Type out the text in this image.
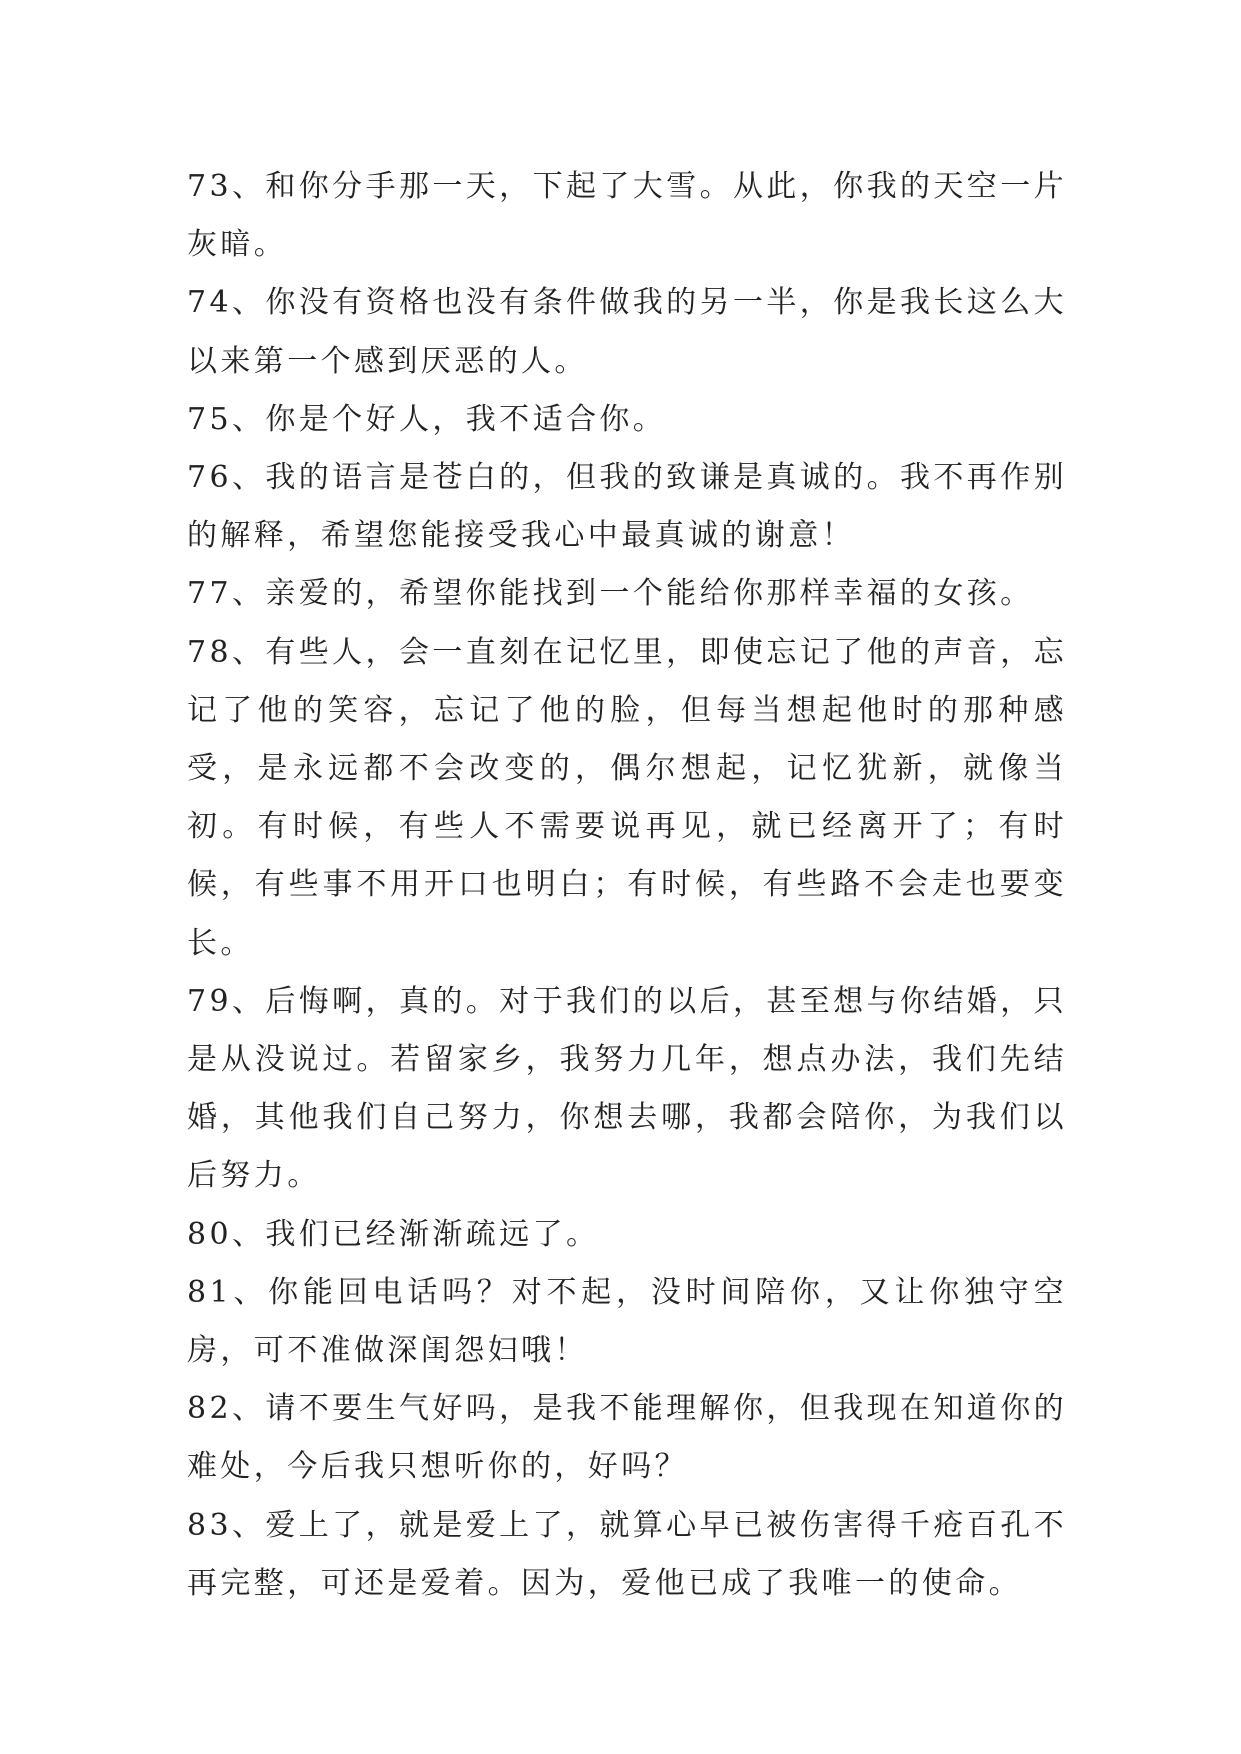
73、和你分手那一天，下起了大雪。从此，你我的天空一片灰暗。

74、你没有资格也没有条件做我的另一半，你是我长这么大以来第一个感到厌恶的人。

75、你是个好人，我不适合你。

76、我的语言是苍白的，但我的致谦是真诚的。我不再作别的解释，希望您能接受我心中最真诚的谢意！

77、亲爱的，希望你能找到一个能给你那样幸福的女孩。

78、有些人，会一直刻在记忆里，即使忘记了他的声音，忘记了他的笑容，忘记了他的脸，但每当想起他时的那种感受，是永远都不会改变的，偶尔想起，记忆犹新，就像当初。有时候，有些人不需要说再见，就已经离开了；有时候，有些事不用开口也明白；有时候，有些路不会走也要变长。

79、后悔啊，真的。对于我们的以后，甚至想与你结婚，只是从没说过。若留家乡，我努力几年，想点办法，我们先结婚，其他我们自己努力，你想去哪，我都会陪你，为我们以后努力。

80、我们已经渐渐疏远了。

81、你能回电话吗？对不起，没时间陪你，又让你独守空房，可不准做深闺怨妇哦！

82、请不要生气好吗，是我不能理解你，但我现在知道你的难处，今后我只想听你的，好吗？

83、爱上了，就是爱上了，就算心早已被伤害得千疮百孔不再完整，可还是爱着。因为，爱他已成了我唯一的使命。
